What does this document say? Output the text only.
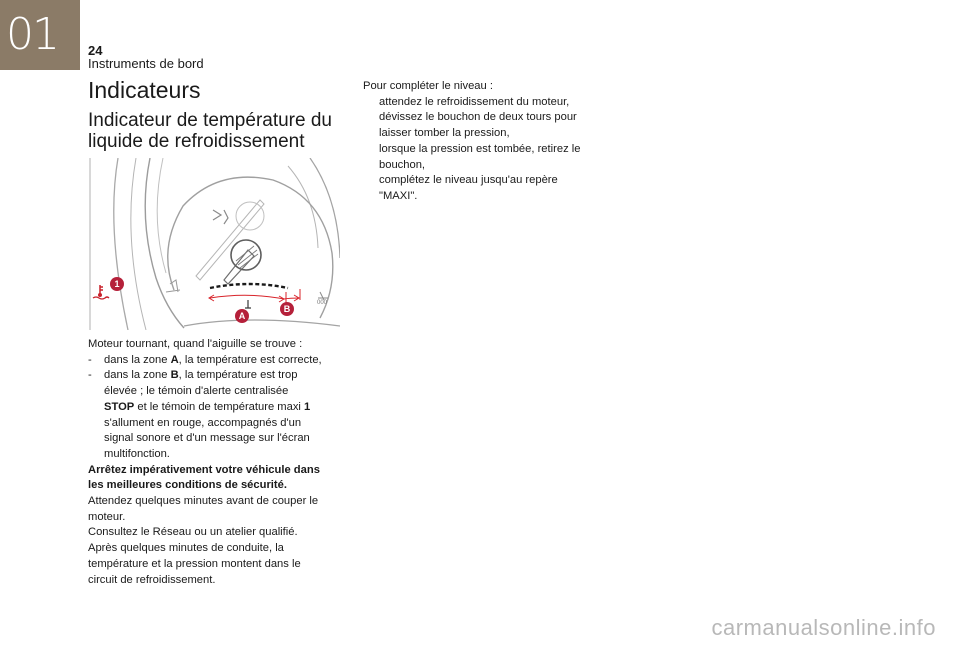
01 24
Instruments de bord
Indicateurs
Indicateur de température du liquide de refroidissement
000
1
A
B
Moteur tournant, quand l'aiguille se trouve :
- dans la zone A, la température est correcte,
- dans la zone B, la température est trop
élevée ; le témoin d'alerte centralisée
STOP et le témoin de température maxi 1
s'allument en rouge, accompagnés d'un
signal sonore et d'un message sur l'écran
multifonction.
Arrêtez impérativement votre véhicule dans
les meilleures conditions de sécurité.
Attendez quelques minutes avant de couper le
moteur.
Consultez le Réseau ou un atelier qualifié.
Après quelques minutes de conduite, la
température et la pression montent dans le
circuit de refroidissement.
Pour compléter le niveau :
attendez le refroidissement du moteur,
dévissez le bouchon de deux tours pour
laisser tomber la pression,
lorsque la pression est tombée, retirez le
bouchon,
complétez le niveau jusqu'au repère
"MAXI".
carmanualsonline.info
